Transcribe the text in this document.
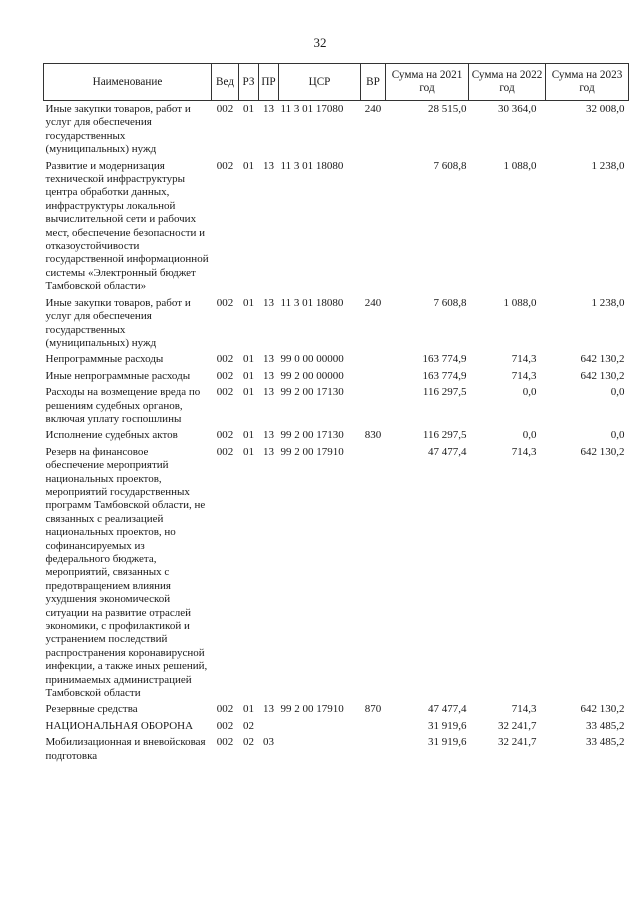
32
Наименование	Вед	РЗ	ПР	ЦСР	ВР	Сумма на 2021 год	Сумма на 2022 год	Сумма на 2023 год
Иные закупки товаров, работ и услуг для обеспечения государственных (муниципальных) нужд	002	01	13	11 3 01 17080	240	28 515,0	30 364,0	32 008,0
Развитие и модернизация технической инфраструктуры центра обработки данных, инфраструктуры локальной вычислительной сети и рабочих мест, обеспечение безопасности и отказоустойчивости государственной информационной системы «Электронный бюджет Тамбовской области»	002	01	13	11 3 01 18080		7 608,8	1 088,0	1 238,0
Иные закупки товаров, работ и услуг для обеспечения государственных (муниципальных) нужд	002	01	13	11 3 01 18080	240	7 608,8	1 088,0	1 238,0
Непрограммные расходы	002	01	13	99 0 00 00000		163 774,9	714,3	642 130,2
Иные непрограммные расходы	002	01	13	99 2 00 00000		163 774,9	714,3	642 130,2
Расходы на возмещение вреда по решениям судебных органов, включая уплату госпошлины	002	01	13	99 2 00 17130		116 297,5	0,0	0,0
Исполнение судебных актов	002	01	13	99 2 00 17130	830	116 297,5	0,0	0,0
Резерв на финансовое обеспечение мероприятий национальных проектов, мероприятий государственных программ Тамбовской области, не связанных с реализацией национальных проектов, но софинансируемых из федерального бюджета, мероприятий, связанных с предотвращением влияния ухудшения экономической ситуации на развитие отраслей экономики, с профилактикой и устранением последствий распространения коронавирусной инфекции, а также иных решений, принимаемых администрацией Тамбовской области	002	01	13	99 2 00 17910		47 477,4	714,3	642 130,2
Резервные средства	002	01	13	99 2 00 17910	870	47 477,4	714,3	642 130,2
НАЦИОНАЛЬНАЯ ОБОРОНА	002	02				31 919,6	32 241,7	33 485,2
Мобилизационная и вневойсковая подготовка	002	02	03			31 919,6	32 241,7	33 485,2
